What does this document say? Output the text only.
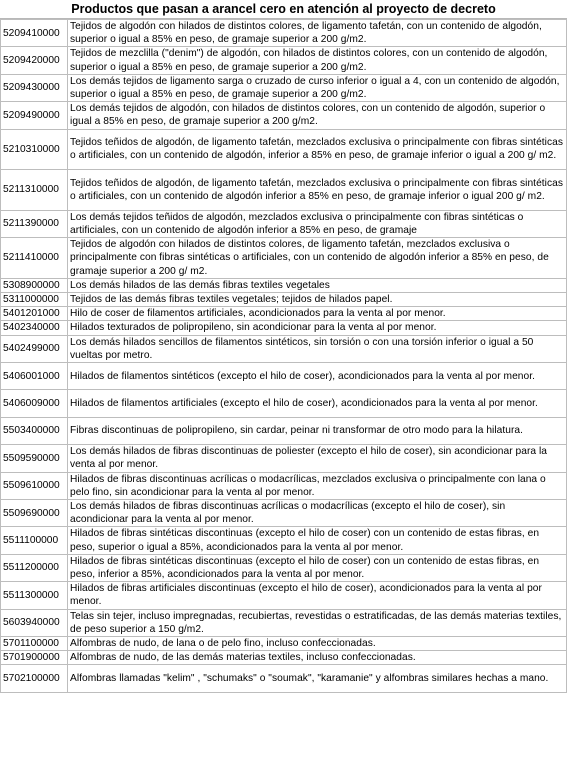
Productos que pasan a arancel cero en atención al proyecto de decreto
5209410000	Tejidos de algodón con hilados de distintos colores, de ligamento tafetán, con un contenido de algodón, superior o igual a 85% en peso, de gramaje superior a 200 g/m2.
5209420000	Tejidos de mezclilla ("denim") de algodón, con hilados de distintos colores, con un contenido de algodón, superior o igual a 85% en peso, de gramaje superior a 200 g/m2.
5209430000	Los demás tejidos de ligamento sarga o cruzado de curso inferior o igual a 4, con un contenido de algodón, superior o igual a 85% en peso, de gramaje superior a 200 g/m2.
5209490000	Los demás tejidos de algodón, con hilados de distintos colores, con un contenido de algodón, superior o igual a 85% en peso, de gramaje superior a 200 g/m2.
5210310000	Tejidos teñidos de algodón, de ligamento tafetán, mezclados exclusiva o principalmente con fibras sintéticas o artificiales, con un contenido de algodón, inferior a 85% en peso, de gramaje inferior o igual a 200 g/ m2.
5211310000	Tejidos teñidos de algodón, de ligamento tafetán, mezclados exclusiva o principalmente con fibras sintéticas o artificiales, con un contenido de algodón inferior a 85% en peso, de gramaje inferior o igual 200 g/ m2.
5211390000	Los demás tejidos teñidos de algodón, mezclados exclusiva o principalmente con fibras sintéticas o artificiales, con un contenido de algodón inferior a 85% en peso, de gramaje
5211410000	Tejidos de algodón con hilados de distintos colores, de ligamento tafetán, mezclados exclusiva o principalmente con fibras sintéticas o artificiales, con un contenido de algodón inferior a 85% en peso, de gramaje superior a 200 g/ m2.
5308900000	Los demás hilados de las demás fibras textiles vegetales
5311000000	Tejidos de las demás fibras textiles vegetales; tejidos de hilados papel.
5401201000	Hilo de coser de filamentos artificiales, acondicionados para la venta al por menor.
5402340000	Hilados texturados de polipropileno, sin acondicionar para la venta al por menor.
5402499000	Los demás hilados sencillos de filamentos sintéticos, sin torsión o con una torsión inferior o igual a 50 vueltas por metro.
5406001000	Hilados de filamentos sintéticos (excepto el hilo de coser), acondicionados para la venta al por menor.
5406009000	Hilados de filamentos artificiales (excepto el hilo de coser), acondicionados para la venta al por menor.
5503400000	Fibras discontinuas de polipropileno, sin cardar, peinar ni transformar de otro modo para la hilatura.
5509590000	Los demás hilados de fibras discontinuas de poliester (excepto el hilo de coser), sin acondicionar para la venta al por menor.
5509610000	Hilados de fibras discontinuas acrílicas o modacrílicas, mezclados exclusiva o principalmente con lana o pelo fino, sin acondicionar para la venta al por menor.
5509690000	Los demás hilados de fibras discontinuas acrílicas o modacrílicas (excepto el hilo de coser), sin acondicionar para la venta al por menor.
5511100000	Hilados de fibras sintéticas discontinuas (excepto el hilo de coser) con un contenido de estas fibras, en peso, superior o igual a 85%, acondicionados para la venta al por menor.
5511200000	Hilados de fibras sintéticas discontinuas (excepto el hilo de coser) con un contenido de estas fibras, en peso, inferior a 85%, acondicionados para la venta al por menor.
5511300000	Hilados de fibras artificiales discontinuas (excepto el hilo de coser), acondicionados para la venta al por menor.
5603940000	Telas sin tejer, incluso impregnadas, recubiertas, revestidas o estratificadas, de las demás materias textiles, de peso superior a 150 g/m2.
5701100000	Alfombras de nudo, de lana o de pelo fino, incluso confeccionadas.
5701900000	Alfombras de nudo, de las demás materias textiles, incluso confeccionadas.
5702100000	Alfombras llamadas "kelim" , "schumaks" o "soumak", "karamanie" y alfombras similares hechas a mano.
